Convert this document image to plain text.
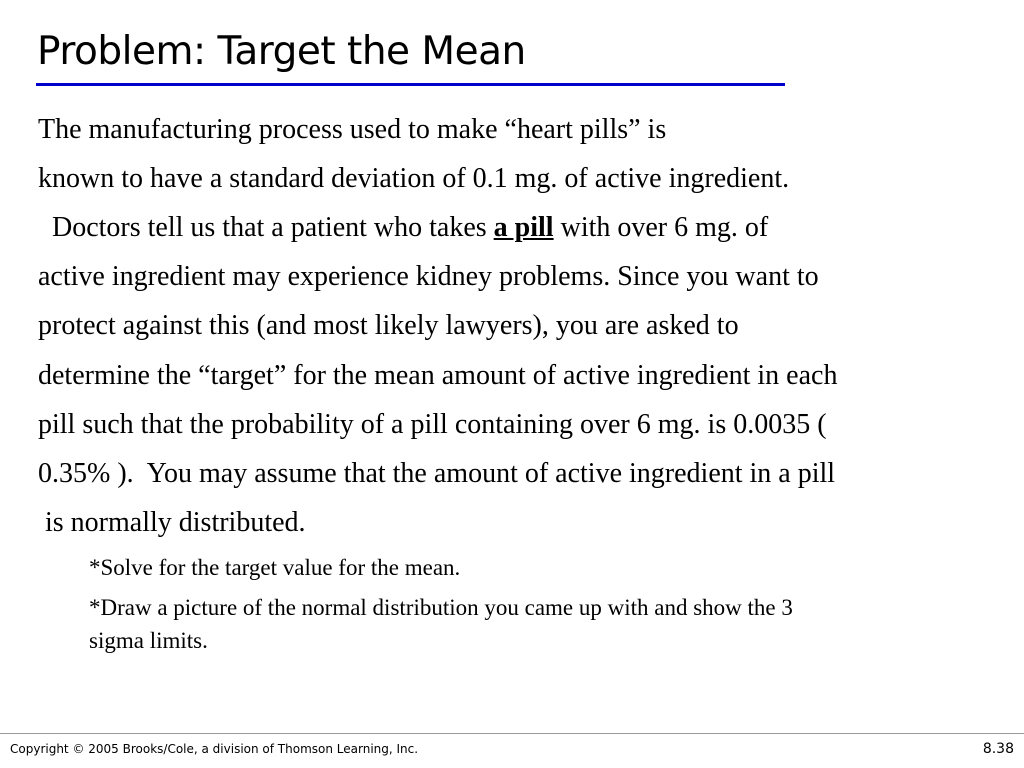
Problem: Target the Mean
The manufacturing process used to make “heart pills” is
known to have a standard deviation of 0.1 mg. of active ingredient.
Doctors tell us that a patient who takes a pill with over 6 mg. of
active ingredient may experience kidney problems. Since you want to
protect against this (and most likely lawyers), you are asked to
determine the “target” for the mean amount of active ingredient in each
pill such that the probability of a pill containing over 6 mg. is 0.0035 (
0.35% ).  You may assume that the amount of active ingredient in a pill
is normally distributed.
*Solve for the target value for the mean.
*Draw a picture of the normal distribution you came up with and show the 3
sigma limits.
Copyright © 2005 Brooks/Cole, a division of Thomson Learning, Inc.	8.38
